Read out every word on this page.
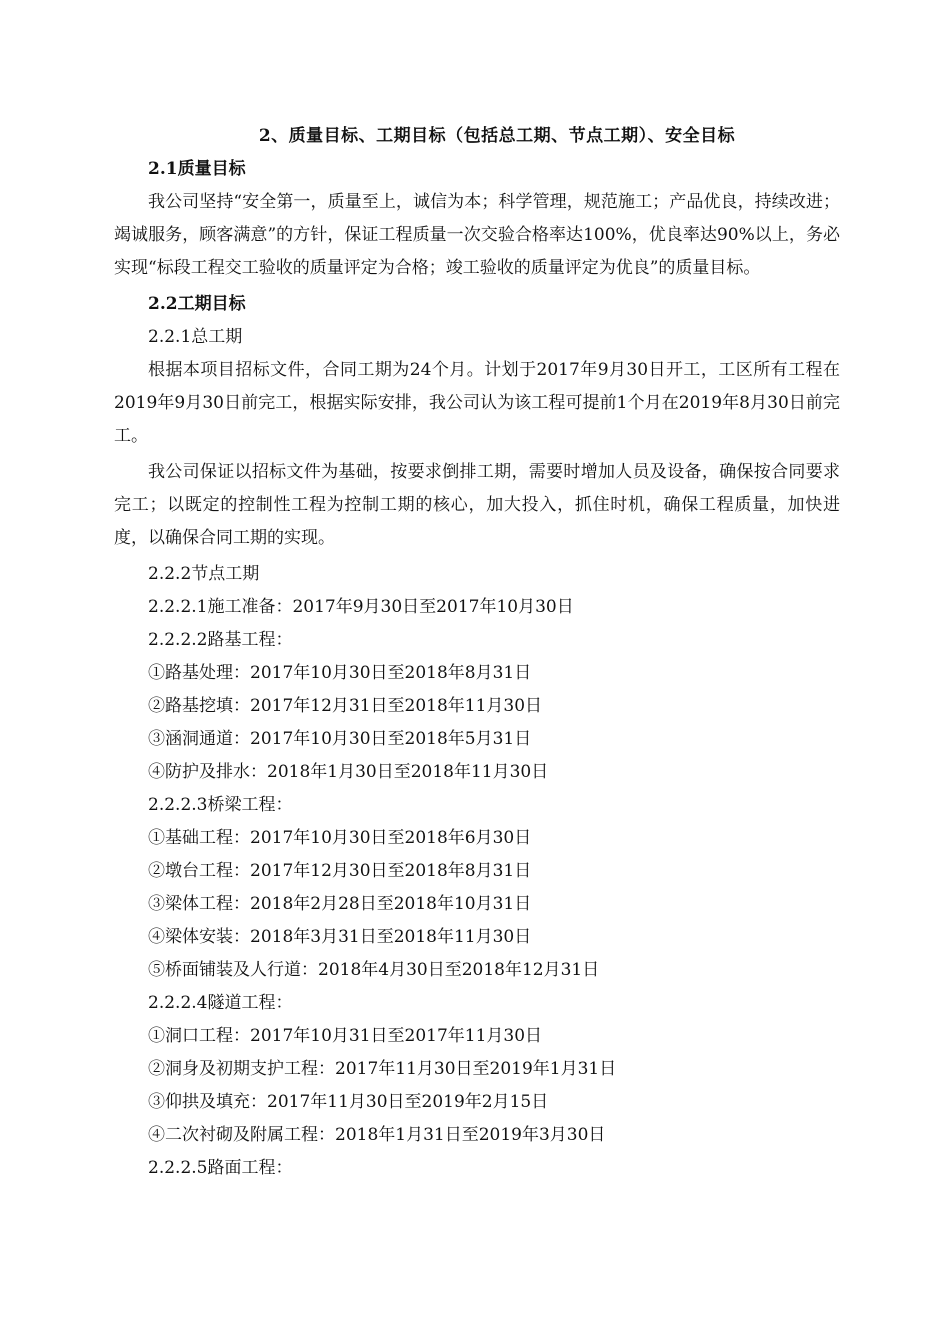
2、质量目标、工期目标（包括总工期、节点工期）、安全目标

2.1质量目标

我公司坚持“安全第一，质量至上，诚信为本；科学管理，规范施工；产品优良，持续改进；竭诚服务，顾客满意”的方针，保证工程质量一次交验合格率达100%，优良率达90%以上，务必实现“标段工程交工验收的质量评定为合格；竣工验收的质量评定为优良”的质量目标。

2.2工期目标

2.2.1总工期

根据本项目招标文件，合同工期为24个月。计划于2017年9月30日开工，工区所有工程在2019年9月30日前完工，根据实际安排，我公司认为该工程可提前1个月在2019年8月30日前完工。

我公司保证以招标文件为基础，按要求倒排工期，需要时增加人员及设备，确保按合同要求完工；以既定的控制性工程为控制工期的核心，加大投入，抓住时机，确保工程质量，加快进度，以确保合同工期的实现。

2.2.2节点工期

2.2.2.1施工准备：2017年9月30日至2017年10月30日

2.2.2.2路基工程：

①路基处理：2017年10月30日至2018年8月31日

②路基挖填：2017年12月31日至2018年11月30日

③涵洞通道：2017年10月30日至2018年5月31日

④防护及排水：2018年1月30日至2018年11月30日

2.2.2.3桥梁工程：

①基础工程：2017年10月30日至2018年6月30日

②墩台工程：2017年12月30日至2018年8月31日

③梁体工程：2018年2月28日至2018年10月31日

④梁体安装：2018年3月31日至2018年11月30日

⑤桥面铺装及人行道：2018年4月30日至2018年12月31日

2.2.2.4隧道工程：

①洞口工程：2017年10月31日至2017年11月30日

②洞身及初期支护工程：2017年11月30日至2019年1月31日

③仰拱及填充：2017年11月30日至2019年2月15日

④二次衬砌及附属工程：2018年1月31日至2019年3月30日

2.2.2.5路面工程：
